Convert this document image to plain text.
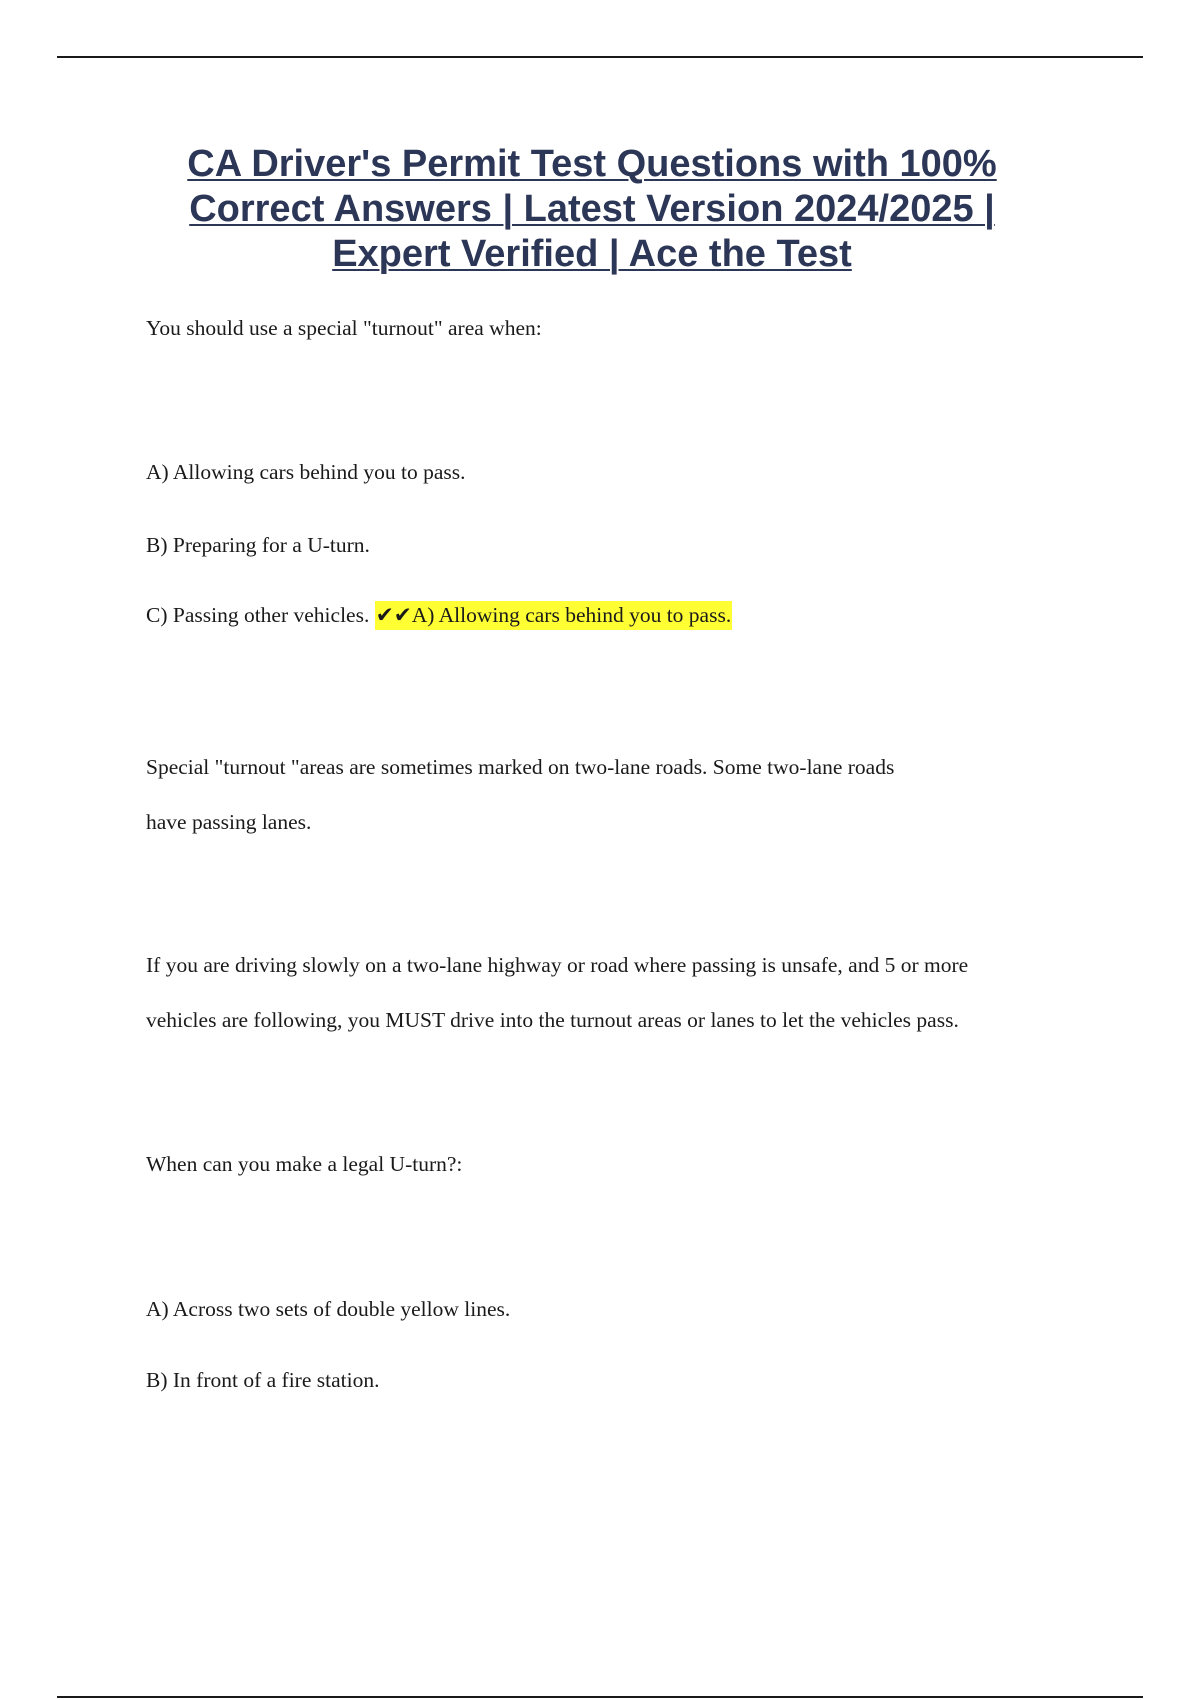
CA Driver's Permit Test Questions with 100%
Correct Answers | Latest Version 2024/2025 |
Expert Verified | Ace the Test

You should use a special "turnout" area when:

A) Allowing cars behind you to pass.

B) Preparing for a U-turn.

C) Passing other vehicles. ✔✔A) Allowing cars behind you to pass.

Special "turnout "areas are sometimes marked on two-lane roads. Some two-lane roads

have passing lanes.

If you are driving slowly on a two-lane highway or road where passing is unsafe, and 5 or more

vehicles are following, you MUST drive into the turnout areas or lanes to let the vehicles pass.

When can you make a legal U-turn?:

A) Across two sets of double yellow lines.

B) In front of a fire station.
